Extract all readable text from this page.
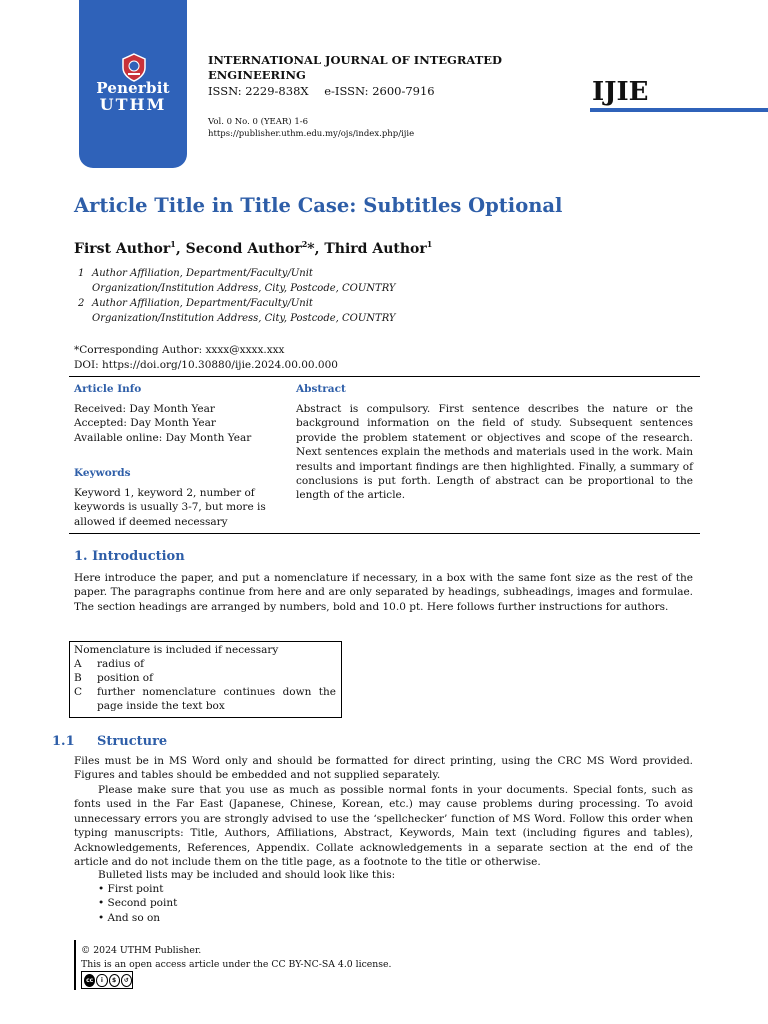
Penerbit
UTHM
INTERNATIONAL JOURNAL OF INTEGRATED ENGINEERING
ISSN: 2229-838X e-ISSN: 2600-7916
Vol. 0 No. 0 (YEAR) 1-6
https://publisher.uthm.edu.my/ojs/index.php/ijie
IJIE
Article Title in Title Case: Subtitles Optional
First Author$^1$, Second Author$^2$*, Third Author$^1$
1 Author Affiliation, Department/Faculty/Unit
Organization/Institution Address, City, Postcode, COUNTRY
2 Author Affiliation, Department/Faculty/Unit
Organization/Institution Address, City, Postcode, COUNTRY
*Corresponding Author: xxxx@xxxx.xxx
DOI: https://doi.org/10.30880/ijie.2024.00.00.000
Article Info
Received: Day Month Year
Accepted: Day Month Year
Available online: Day Month Year
Keywords
Keyword 1, keyword 2, number of keywords is usually 3-7, but more is allowed if deemed necessary
Abstract
Abstract is compulsory. First sentence describes the nature or the background information on the field of study. Subsequent sentences provide the problem statement or objectives and scope of the research. Next sentences explain the methods and materials used in the work. Main results and important findings are then highlighted. Finally, a summary of conclusions is put forth. Length of abstract can be proportional to the length of the article.
1. Introduction
Here introduce the paper, and put a nomenclature if necessary, in a box with the same font size as the rest of the paper. The paragraphs continue from here and are only separated by headings, subheadings, images and formulae. The section headings are arranged by numbers, bold and 10.0 pt. Here follows further instructions for authors.
Nomenclature is included if necessary
A radius of
B position of
C further nomenclature continues down the
page inside the text box
1.1 Structure
Files must be in MS Word only and should be formatted for direct printing, using the CRC MS Word provided. Figures and tables should be embedded and not supplied separately.
Please make sure that you use as much as possible normal fonts in your documents. Special fonts, such as fonts used in the Far East (Japanese, Chinese, Korean, etc.) may cause problems during processing. To avoid unnecessary errors you are strongly advised to use the ‘spellchecker’ function of MS Word. Follow this order when typing manuscripts: Title, Authors, Affiliations, Abstract, Keywords, Main text (including figures and tables), Acknowledgements, References, Appendix. Collate acknowledgements in a separate section at the end of the article and do not include them on the title page, as a footnote to the title or otherwise.
Bulleted lists may be included and should look like this:
• First point
• Second point
• And so on
© 2024 UTHM Publisher.
This is an open access article under the CC BY-NC-SA 4.0 license.
cc	i	$	↺
